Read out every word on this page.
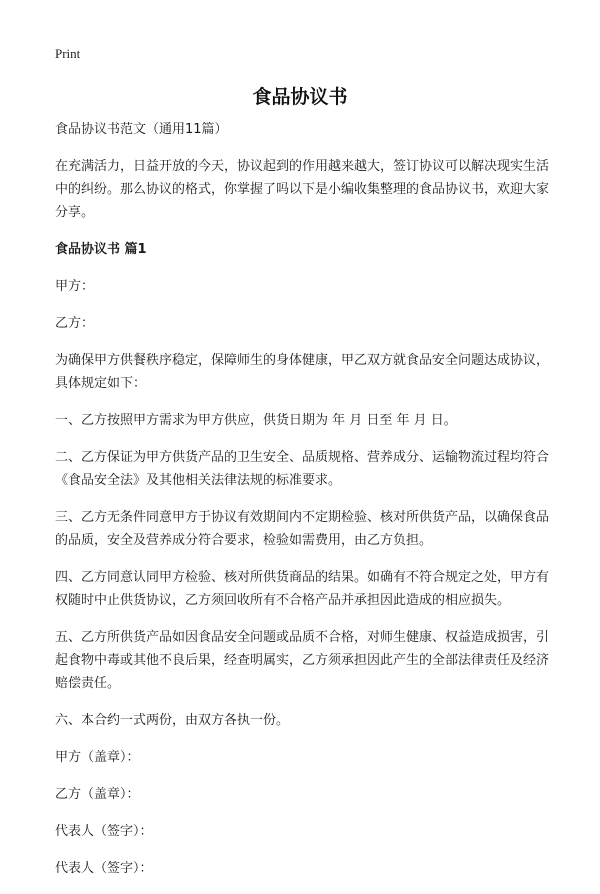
Print
食品协议书

食品协议书范文（通用11篇）

在充满活力，日益开放的今天，协议起到的作用越来越大，签订协议可以解决现实生活中的纠纷。那么协议的格式，你掌握了吗以下是小编收集整理的食品协议书，欢迎大家分享。

食品协议书 篇1

甲方：

乙方：

为确保甲方供餐秩序稳定，保障师生的身体健康，甲乙双方就食品安全问题达成协议，具体规定如下：

一、乙方按照甲方需求为甲方供应，供货日期为 年 月 日至 年 月 日。

二、乙方保证为甲方供货产品的卫生安全、品质规格、营养成分、运输物流过程均符合《食品安全法》及其他相关法律法规的标准要求。

三、乙方无条件同意甲方于协议有效期间内不定期检验、核对所供货产品，以确保食品的品质，安全及营养成分符合要求，检验如需费用，由乙方负担。

四、乙方同意认同甲方检验、核对所供货商品的结果。如确有不符合规定之处，甲方有权随时中止供货协议，乙方须回收所有不合格产品并承担因此造成的相应损失。

五、乙方所供货产品如因食品安全问题或品质不合格，对师生健康、权益造成损害，引起食物中毒或其他不良后果，经查明属实，乙方须承担因此产生的全部法律责任及经济赔偿责任。

六、本合约一式两份，由双方各执一份。

甲方（盖章）：

乙方（盖章）：

代表人（签字）：

代表人（签字）：
